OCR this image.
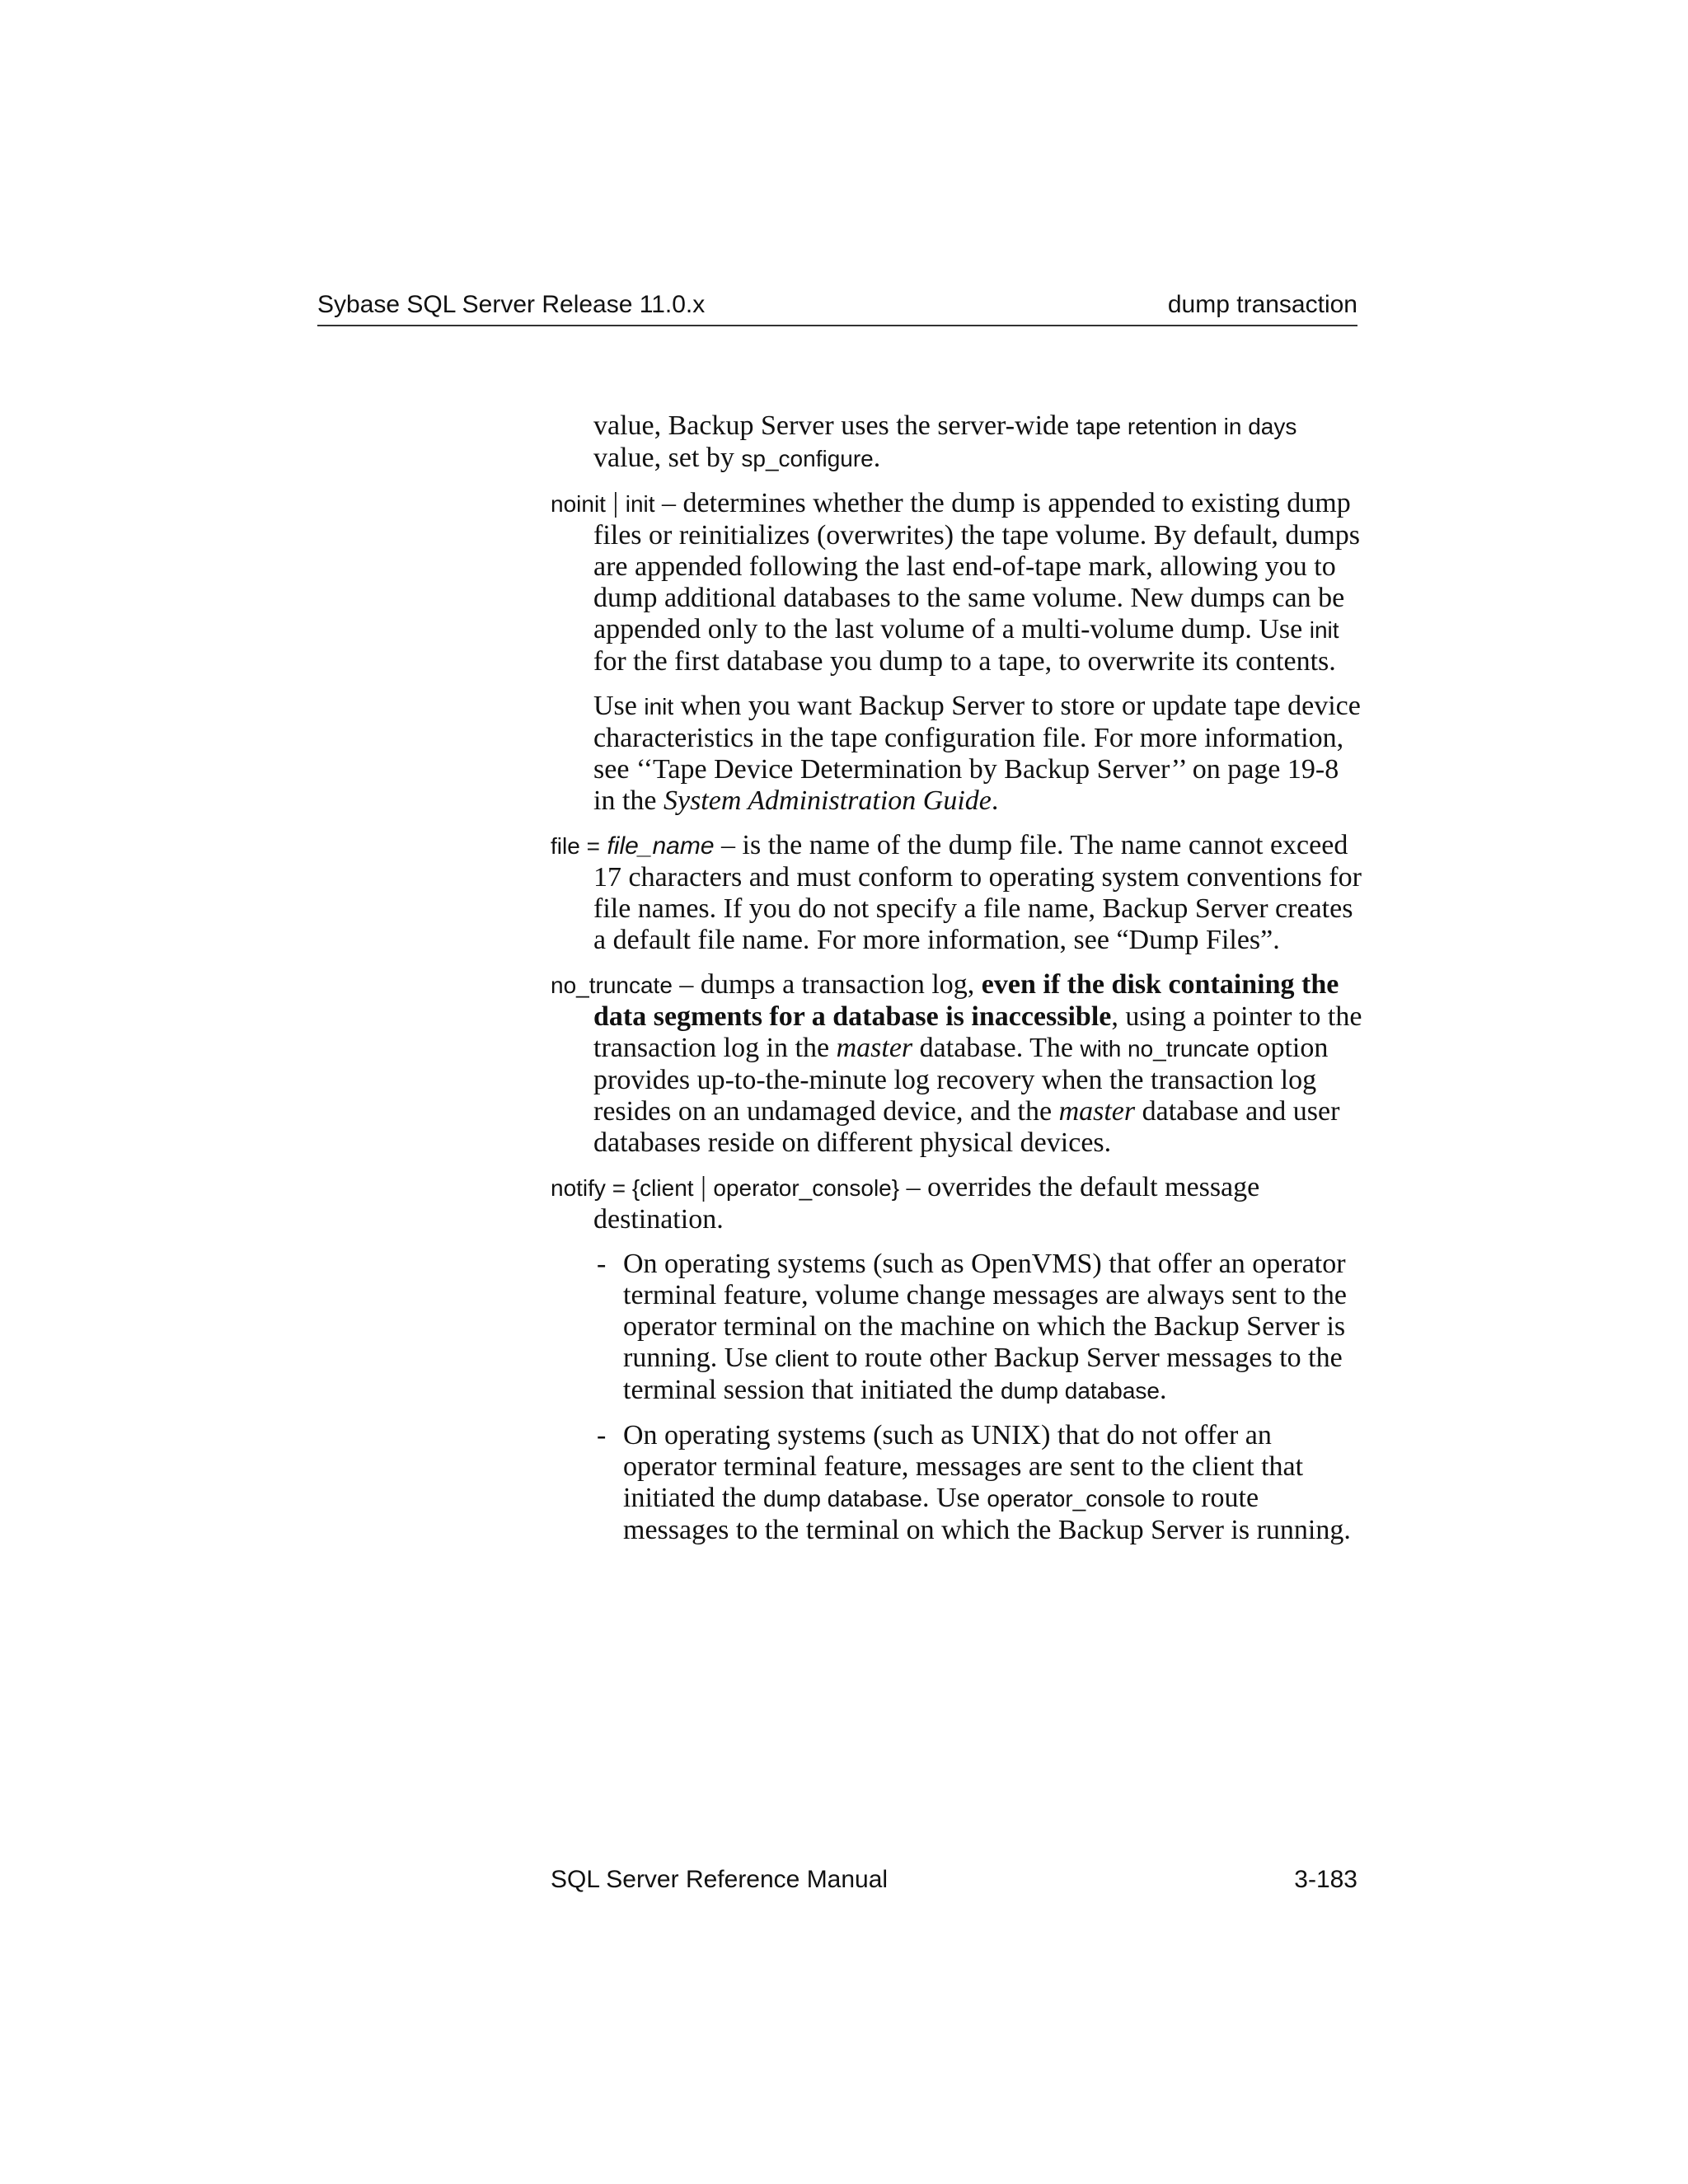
Sybase SQL Server Release 11.0.x	dump transaction

value, Backup Server uses the server-wide tape retention in days value, set by sp_configure.

noinit | init – determines whether the dump is appended to existing dump files or reinitializes (overwrites) the tape volume. By default, dumps are appended following the last end-of-tape mark, allowing you to dump additional databases to the same volume. New dumps can be appended only to the last volume of a multi-volume dump. Use init for the first database you dump to a tape, to overwrite its contents.

Use init when you want Backup Server to store or update tape device characteristics in the tape configuration file. For more information, see ‘‘Tape Device Determination by Backup Server’’ on page 19-8 in the System Administration Guide.

file = file_name – is the name of the dump file. The name cannot exceed 17 characters and must conform to operating system conventions for file names. If you do not specify a file name, Backup Server creates a default file name. For more information, see “Dump Files”.

no_truncate – dumps a transaction log, even if the disk containing the data segments for a database is inaccessible, using a pointer to the transaction log in the master database. The with no_truncate option provides up-to-the-minute log recovery when the transaction log resides on an undamaged device, and the master database and user databases reside on different physical devices.

notify = {client | operator_console} – overrides the default message destination.

- On operating systems (such as OpenVMS) that offer an operator terminal feature, volume change messages are always sent to the operator terminal on the machine on which the Backup Server is running. Use client to route other Backup Server messages to the terminal session that initiated the dump database.
- On operating systems (such as UNIX) that do not offer an operator terminal feature, messages are sent to the client that initiated the dump database. Use operator_console to route messages to the terminal on which the Backup Server is running.
SQL Server Reference Manual	3-183
